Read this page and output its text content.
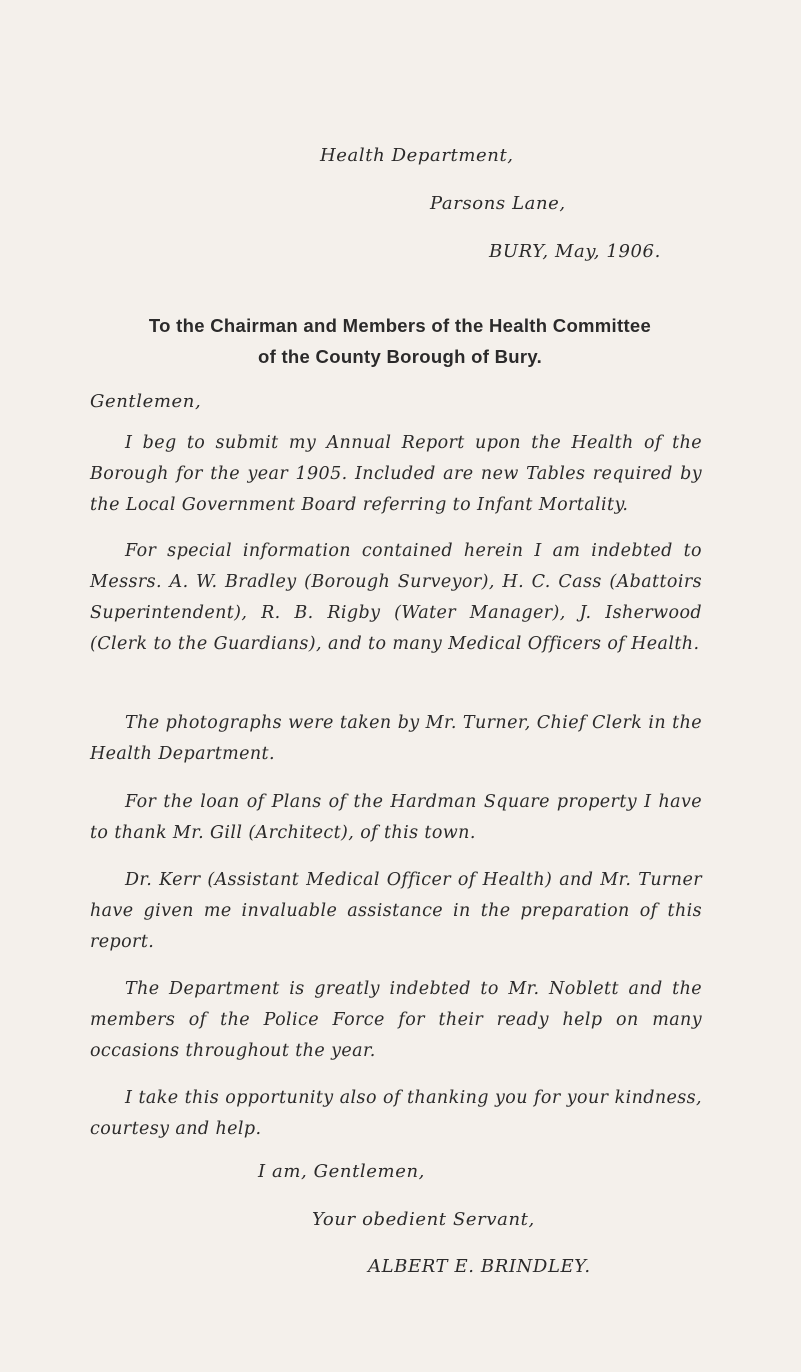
Health Department,
Parsons Lane,
BURY, May, 1906.
To the Chairman and Members of the Health Committee
of the County Borough of Bury.
Gentlemen,
I beg to submit my Annual Report upon the Health of the Borough for the year 1905. Included are new Tables required by the Local Government Board referring to Infant Mortality.
For special information contained herein I am indebted to Messrs. A. W. Bradley (Borough Surveyor), H. C. Cass (Abattoirs Superintendent), R. B. Rigby (Water Manager), J. Isherwood (Clerk to the Guardians), and to many Medical Officers of Health.
The photographs were taken by Mr. Turner, Chief Clerk in the Health Department.
For the loan of Plans of the Hardman Square property I have to thank Mr. Gill (Architect), of this town.
Dr. Kerr (Assistant Medical Officer of Health) and Mr. Turner have given me invaluable assistance in the preparation of this report.
The Department is greatly indebted to Mr. Noblett and the members of the Police Force for their ready help on many occasions throughout the year.
I take this opportunity also of thanking you for your kindness, courtesy and help.
I am, Gentlemen,
Your obedient Servant,
ALBERT E. BRINDLEY.
